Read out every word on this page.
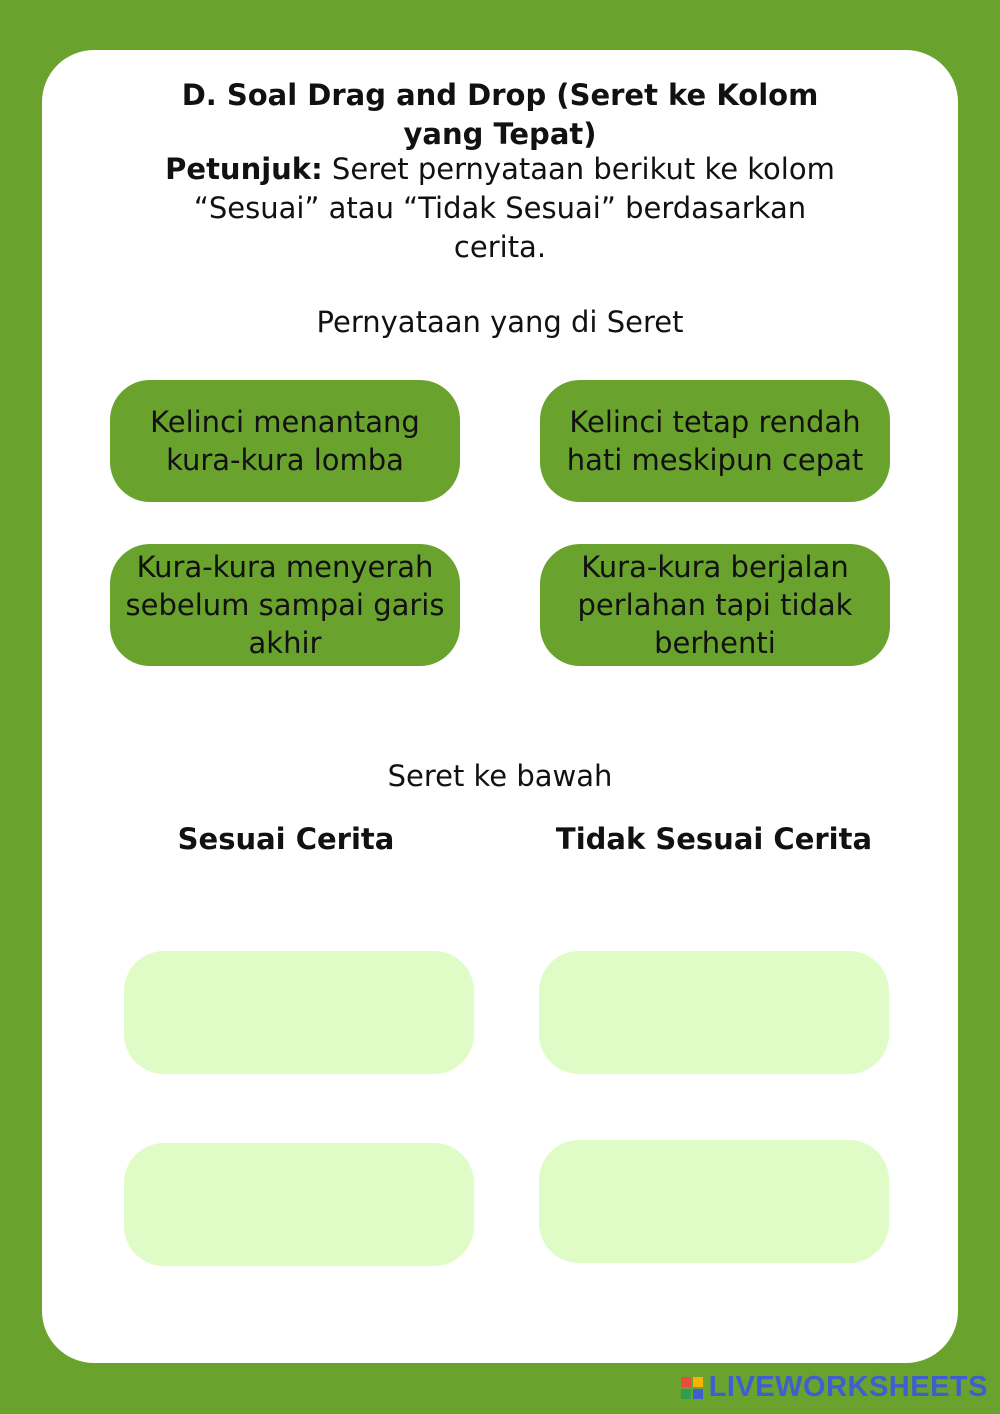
D. Soal Drag and Drop (Seret ke Kolom yang Tepat)

Petunjuk: Seret pernyataan berikut ke kolom “Sesuai” atau “Tidak Sesuai” berdasarkan cerita.

Pernyataan yang di Seret
Kelinci menantang kura-kura lomba
Kelinci tetap rendah hati meskipun cepat
Kura-kura menyerah sebelum sampai garis akhir
Kura-kura berjalan perlahan tapi tidak berhenti
Seret ke bawah
Sesuai Cerita	Tidak Sesuai Cerita
LIVEWORKSHEETS
